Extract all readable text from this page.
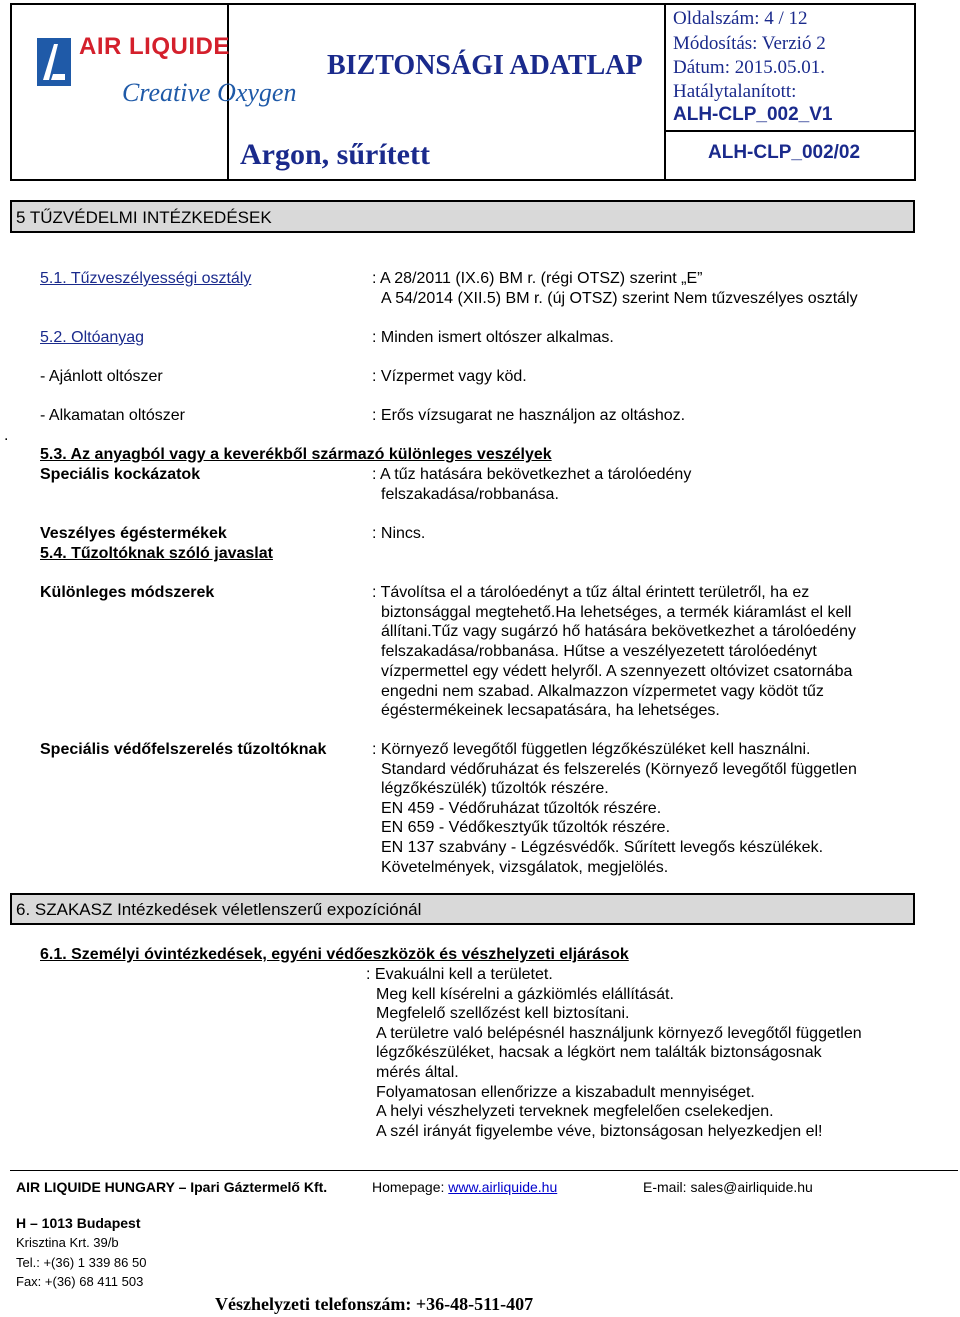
AIR LIQUIDE
Creative Oxygen
BIZTONSÁGI ADATLAP
Argon, sűrített
Oldalszám: 4 / 12
Módosítás: Verzió 2
Dátum: 2015.05.01.
Hatálytalanított:
ALH-CLP_002_V1
ALH-CLP_002/02
5 TŰZVÉDELMI INTÉZKEDÉSEK
5.1. Tűzveszélyességi osztály	: A 28/2011 (IX.6) BM r. (régi OTSZ) szerint „E”
A 54/2014 (XII.5) BM r. (új OTSZ) szerint Nem tűzveszélyes osztály
5.2. Oltóanyag	: Minden ismert oltószer alkalmas.
- Ajánlott oltószer	: Vízpermet vagy köd.
- Alkamatan oltószer	: Erős vízsugarat ne használjon az oltáshoz.
.
5.3. Az anyagból vagy a keverékből származó különleges veszélyek
Speciális kockázatok	: A tűz hatására bekövetkezhet a tárolóedény
felszakadása/robbanása.
Veszélyes égéstermékek	: Nincs.
5.4. Tűzoltóknak szóló javaslat
Különleges módszerek	: Távolítsa el a tárolóedényt a tűz által érintett területről, ha ez
biztonsággal megtehető.Ha lehetséges, a termék kiáramlást el kell
állítani.Tűz vagy sugárzó hő hatására bekövetkezhet a tárolóedény
felszakadása/robbanása. Hűtse a veszélyezetett tárolóedényt
vízpermettel egy védett helyről. A szennyezett oltóvizet csatornába
engedni nem szabad. Alkalmazzon vízpermetet vagy ködöt tűz
égéstermékeinek lecsapatására, ha lehetséges.
Speciális védőfelszerelés tűzoltóknak	: Környező levegőtől független légzőkészüléket kell használni.
Standard védőruházat és felszerelés (Környező levegőtől független
légzőkészülék) tűzoltók részére.
EN 459 - Védőruházat tűzoltók részére.
EN 659 - Védőkesztyűk tűzoltók részére.
EN 137 szabvány - Légzésvédők. Sűrített levegős készülékek.
Követelmények, vizsgálatok, megjelölés.
6. SZAKASZ Intézkedések véletlenszerű expozíciónál
6.1. Személyi óvintézkedések, egyéni védőeszközök és vészhelyzeti eljárások
: Evakuálni kell a területet.
Meg kell kísérelni a gázkiömlés elállítását.
Megfelelő szellőzést kell biztosítani.
A területre való belépésnél használjunk környező levegőtől független
légzőkészüléket, hacsak a légkört nem találták biztonságosnak
mérés által.
Folyamatosan ellenőrizze a kiszabadult mennyiséget.
A helyi vészhelyzeti terveknek megfelelően cselekedjen.
A szél irányát figyelembe véve, biztonságosan helyezkedjen el!
AIR LIQUIDE HUNGARY – Ipari Gáztermelő Kft.	Homepage: www.airliquide.hu	E-mail: sales@airliquide.hu
H – 1013 Budapest
Krisztina Krt. 39/b
Tel.: +(36) 1 339 86 50
Fax: +(36) 68 411 503
Vészhelyzeti telefonszám: +36-48-511-407
